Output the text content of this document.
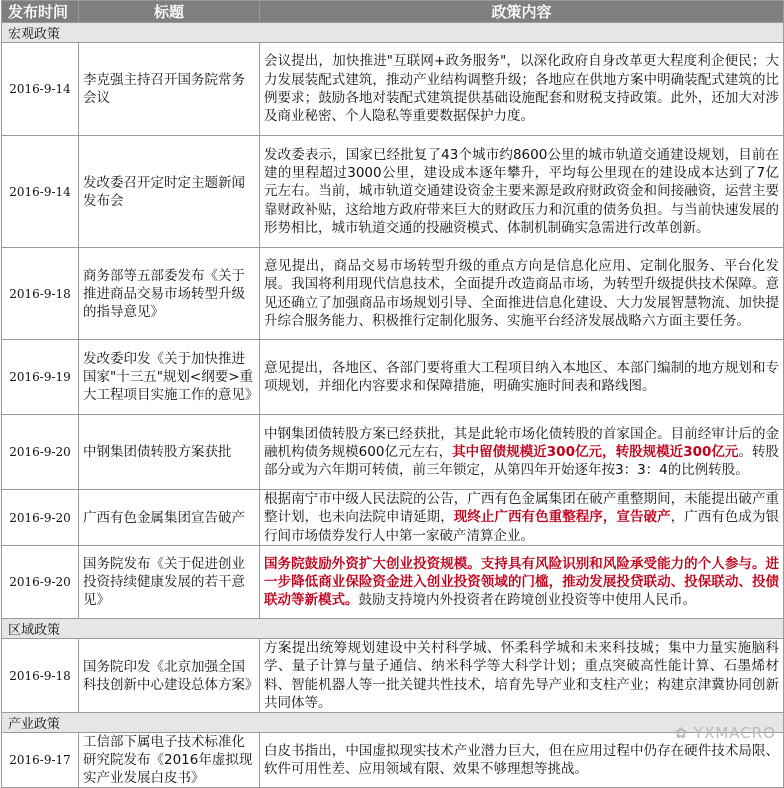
发布时间	标题	政策内容
宏观政策		
2016-9-14	李克强主持召开国务院常务会议	会议提出，加快推进"互联网+政务服务"，以深化政府自身改革更大程度利企便民；大力发展装配式建筑，推动产业结构调整升级；各地应在供地方案中明确装配式建筑的比例要求；鼓励各地对装配式建筑提供基础设施配套和财税支持政策。此外，还加大对涉及商业秘密、个人隐私等重要数据保护力度。
2016-9-14	发改委召开定时定主题新闻发布会	发改委表示，国家已经批复了43个城市约8600公里的城市轨道交通建设规划，目前在建的里程超过3000公里，建设成本逐年攀升，平均每公里现在的建设成本达到了7亿元左右。当前，城市轨道交通建设资金主要来源是政府财政资金和间接融资，运营主要靠财政补贴，这给地方政府带来巨大的财政压力和沉重的债务负担。与当前快速发展的形势相比，城市轨道交通的投融资模式、体制机制确实急需进行改革创新。
2016-9-18	商务部等五部委发布《关于推进商品交易市场转型升级的指导意见》	意见提出，商品交易市场转型升级的重点方向是信息化应用、定制化服务、平台化发展。我国将利用现代信息技术，全面提升改造商品市场，为转型升级提供技术保障。意见还确立了加强商品市场规划引导、全面推进信息化建设、大力发展智慧物流、加快提升综合服务能力、积极推行定制化服务、实施平台经济发展战略六方面主要任务。
2016-9-19	发改委印发《关于加快推进国家"十三五"规划<纲要>重大工程项目实施工作的意见》	意见提出，各地区、各部门要将重大工程项目纳入本地区、本部门编制的地方规划和专项规划，并细化内容要求和保障措施，明确实施时间表和路线图。
2016-9-20	中钢集团债转股方案获批	中钢集团债转股方案已经获批，其是此轮市场化债转股的首家国企。目前经审计后的金融机构债务规模600亿元左右，其中留债规模近300亿元，转股规模近300亿元。转股部分或为六年期可转债，前三年锁定，从第四年开始逐年按3：3：4的比例转股。
2016-9-20	广西有色金属集团宣告破产	根据南宁市中级人民法院的公告，广西有色金属集团在破产重整期间，未能提出破产重整计划，也未向法院申请延期，现终止广西有色重整程序，宣告破产，广西有色成为银行间市场债券发行人中第一家破产清算企业。
2016-9-20	国务院发布《关于促进创业投资持续健康发展的若干意见》	国务院鼓励外资扩大创业投资规模。支持具有风险识别和风险承受能力的个人参与。进一步降低商业保险资金进入创业投资领域的门槛，推动发展投贷联动、投保联动、投债联动等新模式。鼓励支持境内外投资者在跨境创业投资等中使用人民币。
区域政策		
2016-9-18	国务院印发《北京加强全国科技创新中心建设总体方案》	方案提出统筹规划建设中关村科学城、怀柔科学城和未来科技城；集中力量实施脑科学、量子计算与量子通信、纳米科学等大科学计划；重点突破高性能计算、石墨烯材料、智能机器人等一批关键共性技术，培育先导产业和支柱产业；构建京津冀协同创新共同体等。
产业政策		
2016-9-17	工信部下属电子技术标准化研究院发布《2016年虚拟现实产业发展白皮书》	白皮书指出，中国虚拟现实技术产业潜力巨大，但在应用过程中仍存在硬件技术局限、软件可用性差、应用领域有限、效果不够理想等挑战。
✿ YXMACRO
